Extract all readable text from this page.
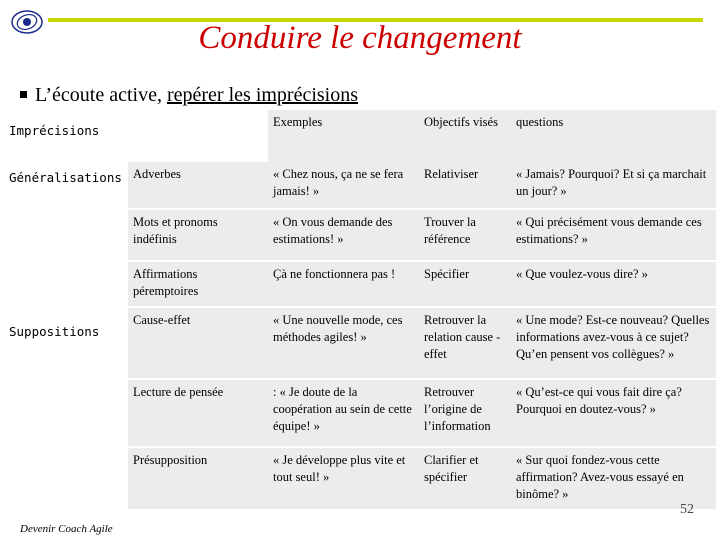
Conduire le changement
L’écoute active, repérer les imprécisions
Imprécisions		Exemples	Objectifs visés	questions
Généralisations	Adverbes	« Chez nous, ça ne se fera jamais! »	Relativiser	« Jamais? Pourquoi? Et si ça marchait un jour? »
	Mots et pronoms indéfinis	« On vous demande des estimations! »	Trouver la référence	« Qui précisément vous demande ces estimations? »
	Affirmations péremptoires	Çà ne fonctionnera pas !	Spécifier	« Que voulez-vous dire? »
Suppositions	Cause-effet	« Une nouvelle mode, ces méthodes agiles! »	Retrouver la relation cause -effet	« Une mode? Est-ce nouveau? Quelles informations avez-vous à ce sujet? Qu’en pensent vos collègues? »
	Lecture de pensée	: « Je doute de la coopération au sein de cette équipe! »	Retrouver l’origine de l’information	« Qu’est-ce qui vous fait dire ça? Pourquoi en doutez-vous? »
	Présupposition	« Je développe plus vite et tout seul! »	Clarifier et spécifier	« Sur quoi fondez-vous cette affirmation? Avez-vous essayé en binôme? »
52
Devenir Coach Agile
